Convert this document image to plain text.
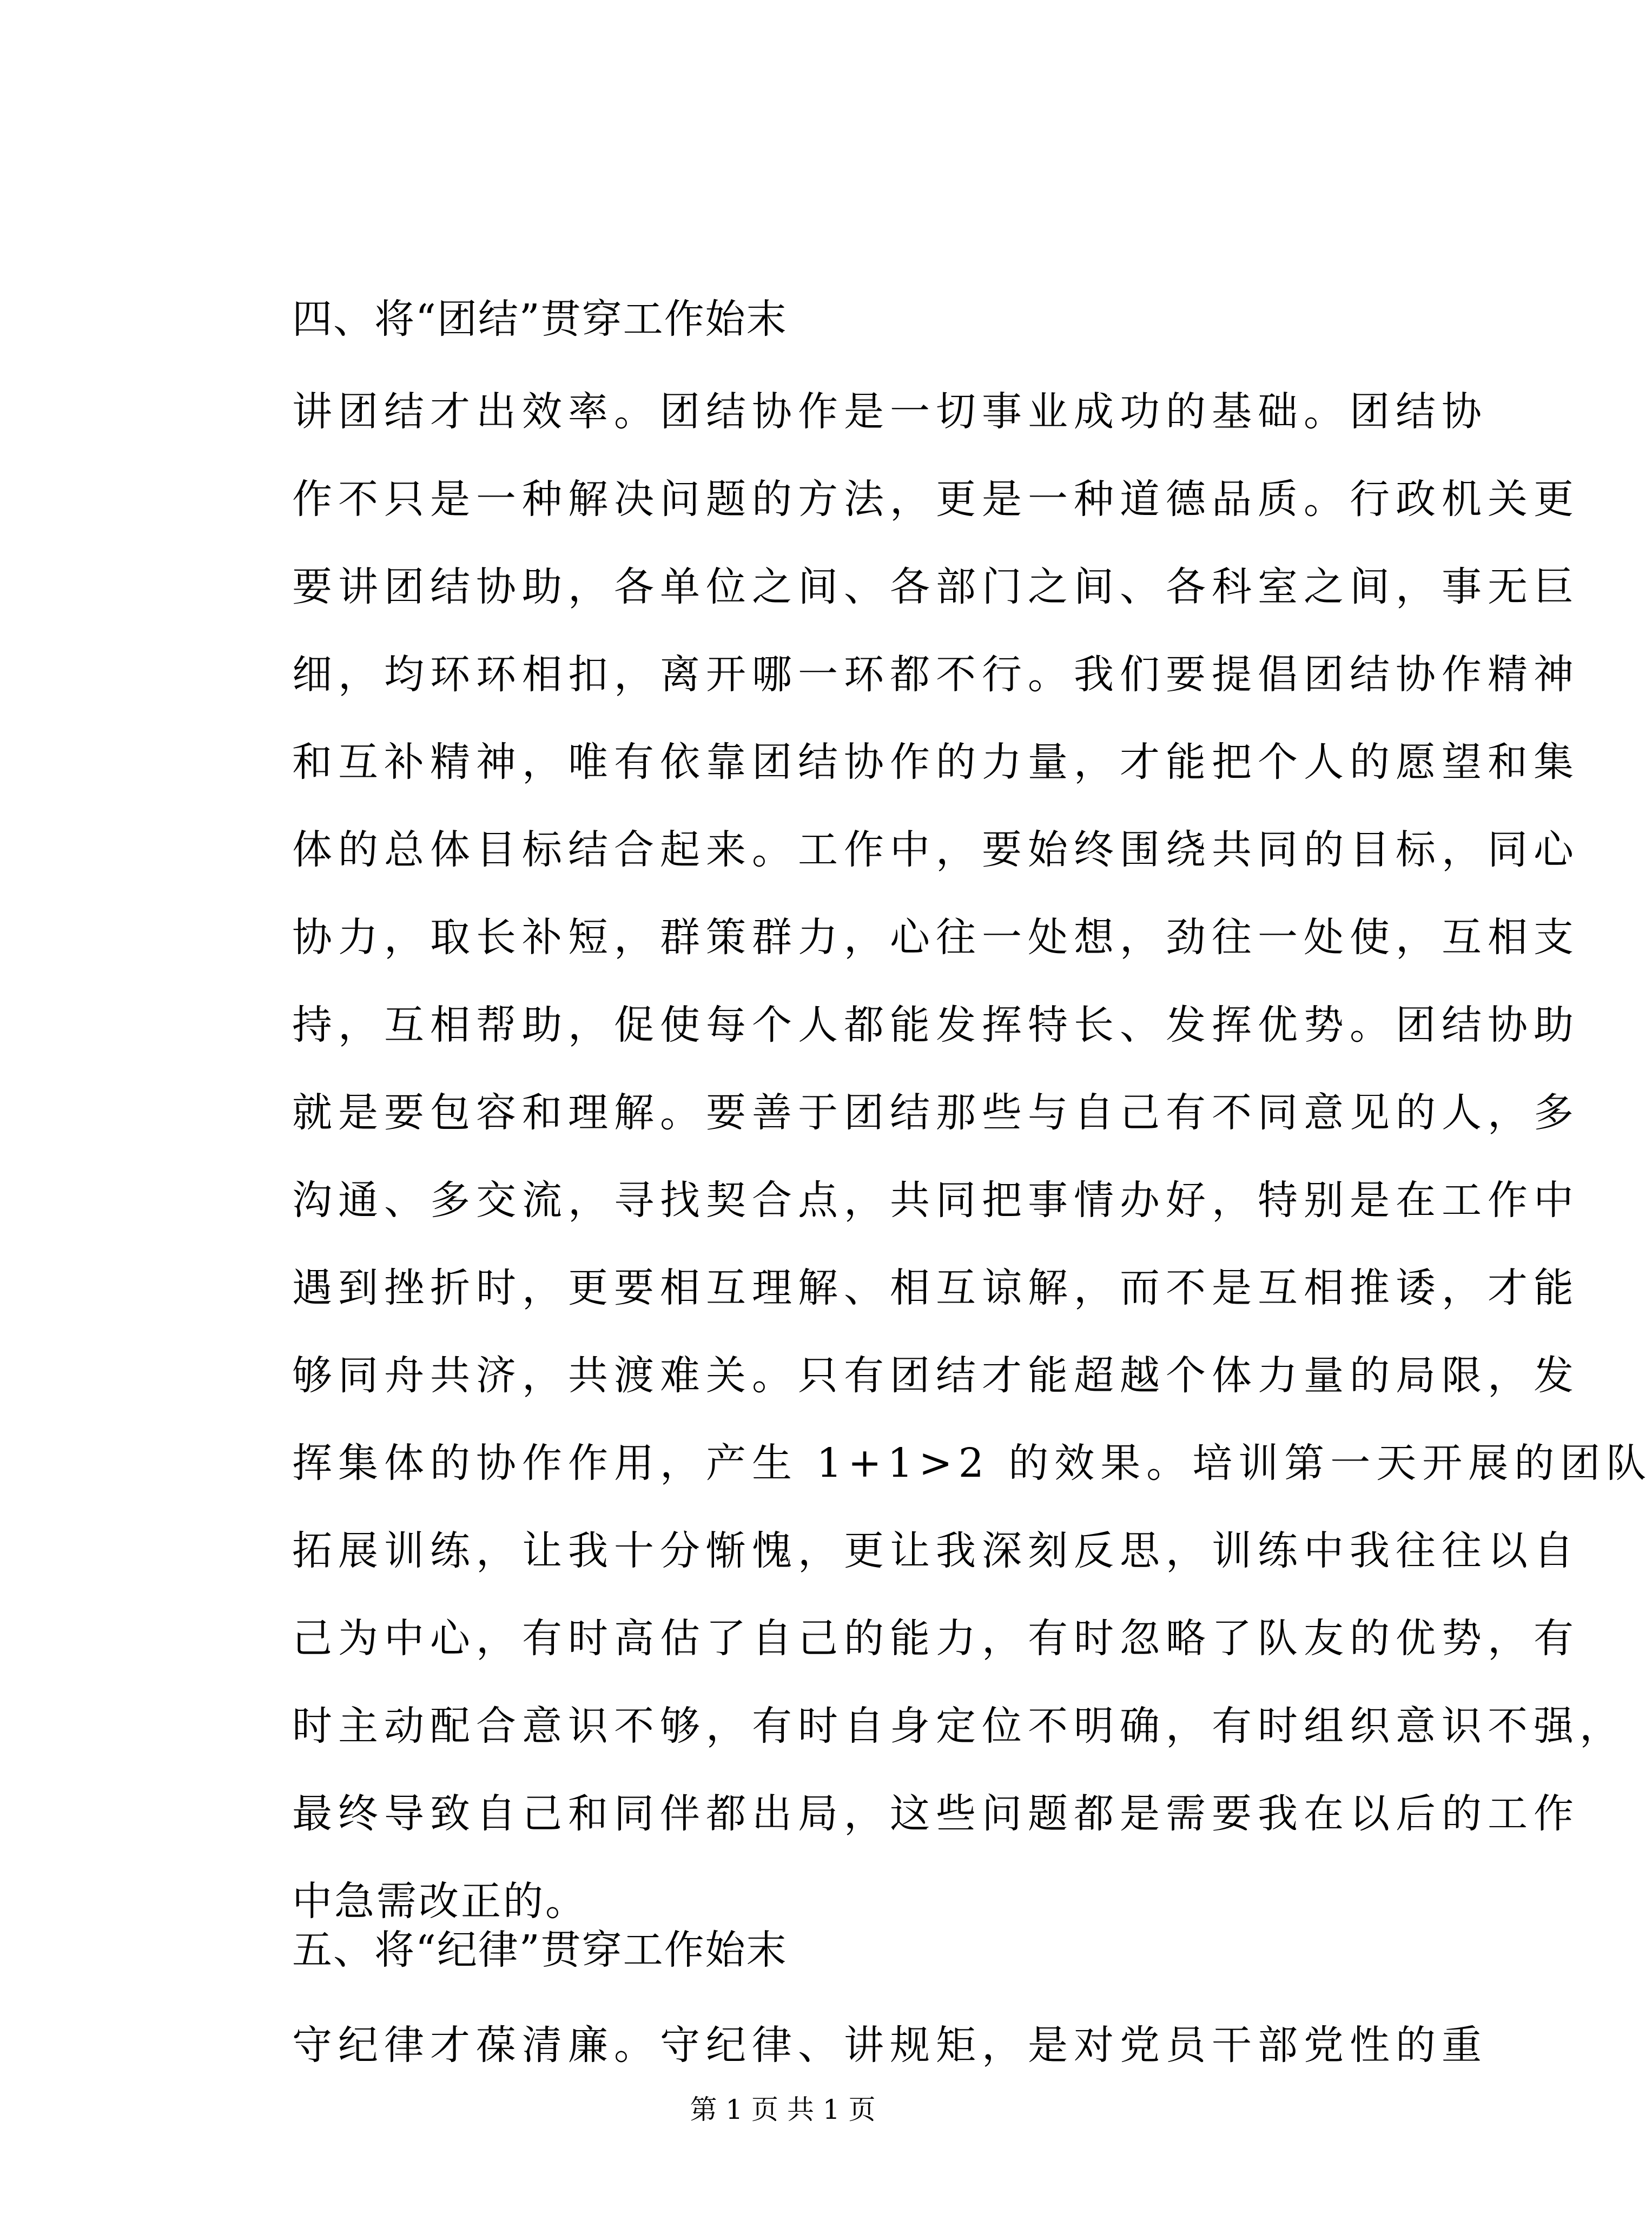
四、将“团结”贯穿工作始末
讲团结才出效率。团结协作是一切事业成功的基础。团结协
作不只是一种解决问题的方法，更是一种道德品质。行政机关更
要讲团结协助，各单位之间、各部门之间、各科室之间，事无巨
细，均环环相扣，离开哪一环都不行。我们要提倡团结协作精神
和互补精神，唯有依靠团结协作的力量，才能把个人的愿望和集
体的总体目标结合起来。工作中，要始终围绕共同的目标，同心
协力，取长补短，群策群力，心往一处想，劲往一处使，互相支
持，互相帮助，促使每个人都能发挥特长、发挥优势。团结协助
就是要包容和理解。要善于团结那些与自己有不同意见的人，多
沟通、多交流，寻找契合点，共同把事情办好，特别是在工作中
遇到挫折时，更要相互理解、相互谅解，而不是互相推诿，才能
够同舟共济，共渡难关。只有团结才能超越个体力量的局限，发
挥集体的协作作用，产生 1+1>2 的效果。培训第一天开展的团队
拓展训练，让我十分惭愧，更让我深刻反思，训练中我往往以自
己为中心，有时高估了自己的能力，有时忽略了队友的优势，有
时主动配合意识不够，有时自身定位不明确，有时组织意识不强，
最终导致自己和同伴都出局，这些问题都是需要我在以后的工作
中急需改正的。
五、将“纪律”贯穿工作始末
守纪律才葆清廉。守纪律、讲规矩，是对党员干部党性的重
第 1 页 共 1 页
